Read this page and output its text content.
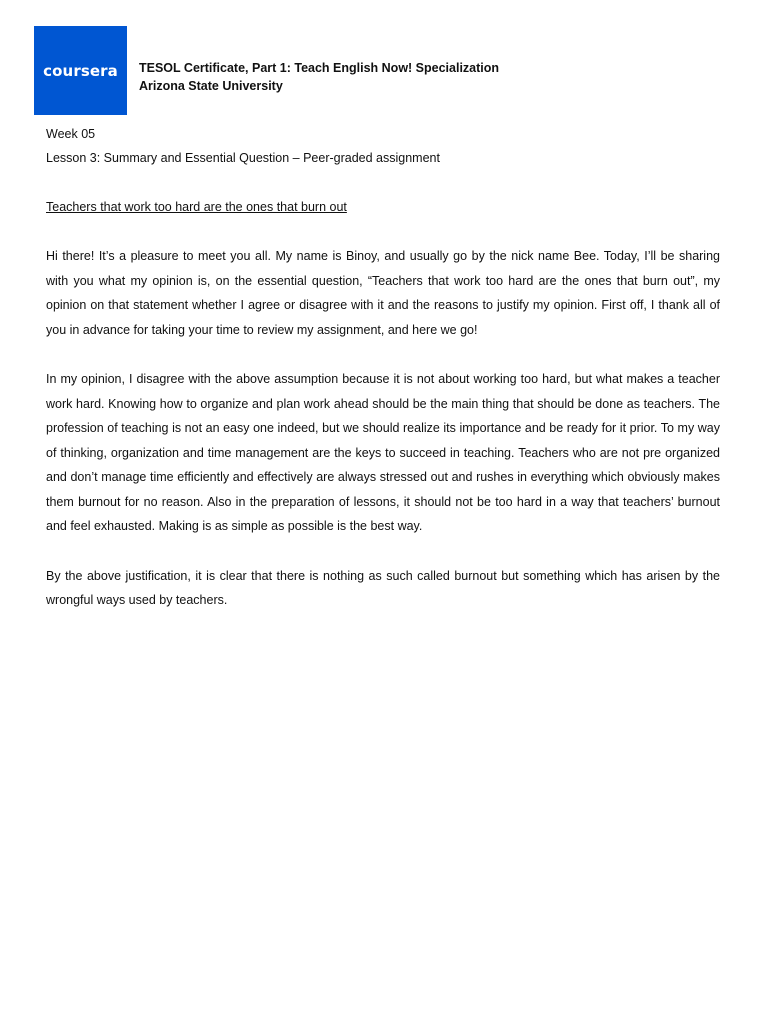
coursera TESOL Certificate, Part 1: Teach English Now! Specialization
Arizona State University
Week 05
Lesson 3: Summary and Essential Question – Peer-graded assignment
Teachers that work too hard are the ones that burn out
Hi there! It’s a pleasure to meet you all. My name is Binoy, and usually go by the nick name Bee. Today, I’ll be sharing with you what my opinion is, on the essential question, “Teachers that work too hard are the ones that burn out”, my opinion on that statement whether I agree or disagree with it and the reasons to justify my opinion. First off, I thank all of you in advance for taking your time to review my assignment, and here we go!
In my opinion, I disagree with the above assumption because it is not about working too hard, but what makes a teacher work hard. Knowing how to organize and plan work ahead should be the main thing that should be done as teachers. The profession of teaching is not an easy one indeed, but we should realize its importance and be ready for it prior. To my way of thinking, organization and time management are the keys to succeed in teaching. Teachers who are not pre organized and don’t manage time efficiently and effectively are always stressed out and rushes in everything which obviously makes them burnout for no reason. Also in the preparation of lessons, it should not be too hard in a way that teachers’ burnout and feel exhausted. Making is as simple as possible is the best way.
By the above justification, it is clear that there is nothing as such called burnout but something which has arisen by the wrongful ways used by teachers.
